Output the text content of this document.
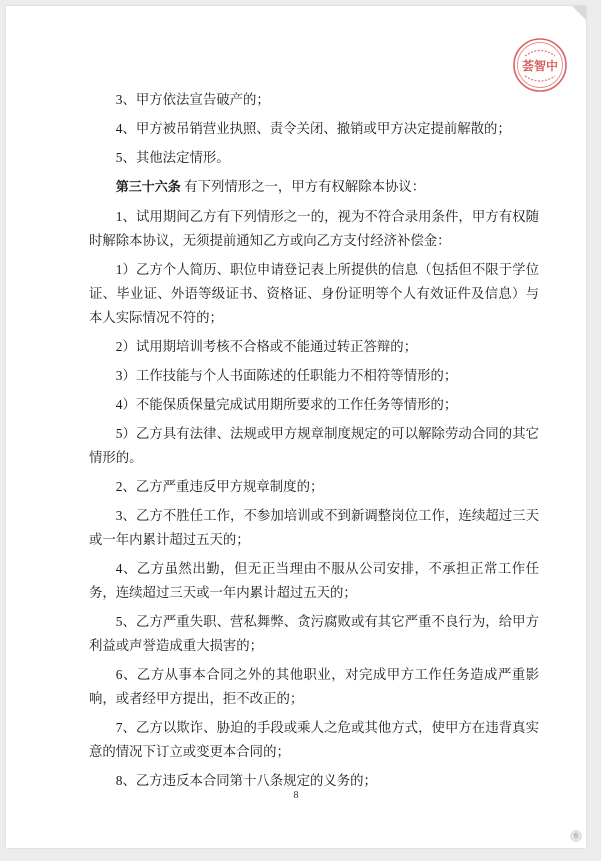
荟智中

3、甲方依法宣告破产的；

4、甲方被吊销营业执照、责令关闭、撤销或甲方决定提前解散的；

5、其他法定情形。

第三十六条 有下列情形之一，甲方有权解除本协议：

1、试用期间乙方有下列情形之一的，视为不符合录用条件，甲方有权随时解除本协议，无须提前通知乙方或向乙方支付经济补偿金：

1）乙方个人简历、职位申请登记表上所提供的信息（包括但不限于学位证、毕业证、外语等级证书、资格证、身份证明等个人有效证件及信息）与本人实际情况不符的；

2）试用期培训考核不合格或不能通过转正答辩的；

3）工作技能与个人书面陈述的任职能力不相符等情形的；

4）不能保质保量完成试用期所要求的工作任务等情形的；

5）乙方具有法律、法规或甲方规章制度规定的可以解除劳动合同的其它情形的。

2、乙方严重违反甲方规章制度的；

3、乙方不胜任工作，不参加培训或不到新调整岗位工作，连续超过三天或一年内累计超过五天的；

4、乙方虽然出勤，但无正当理由不服从公司安排，不承担正常工作任务，连续超过三天或一年内累计超过五天的；

5、乙方严重失职、营私舞弊、贪污腐败或有其它严重不良行为，给甲方利益或声誉造成重大损害的；

6、乙方从事本合同之外的其他职业，对完成甲方工作任务造成严重影响，或者经甲方提出，拒不改正的；

7、乙方以欺诈、胁迫的手段或乘人之危或其他方式，使甲方在违背真实意的情况下订立或变更本合同的；

8、乙方违反本合同第十八条规定的义务的；

8
6
